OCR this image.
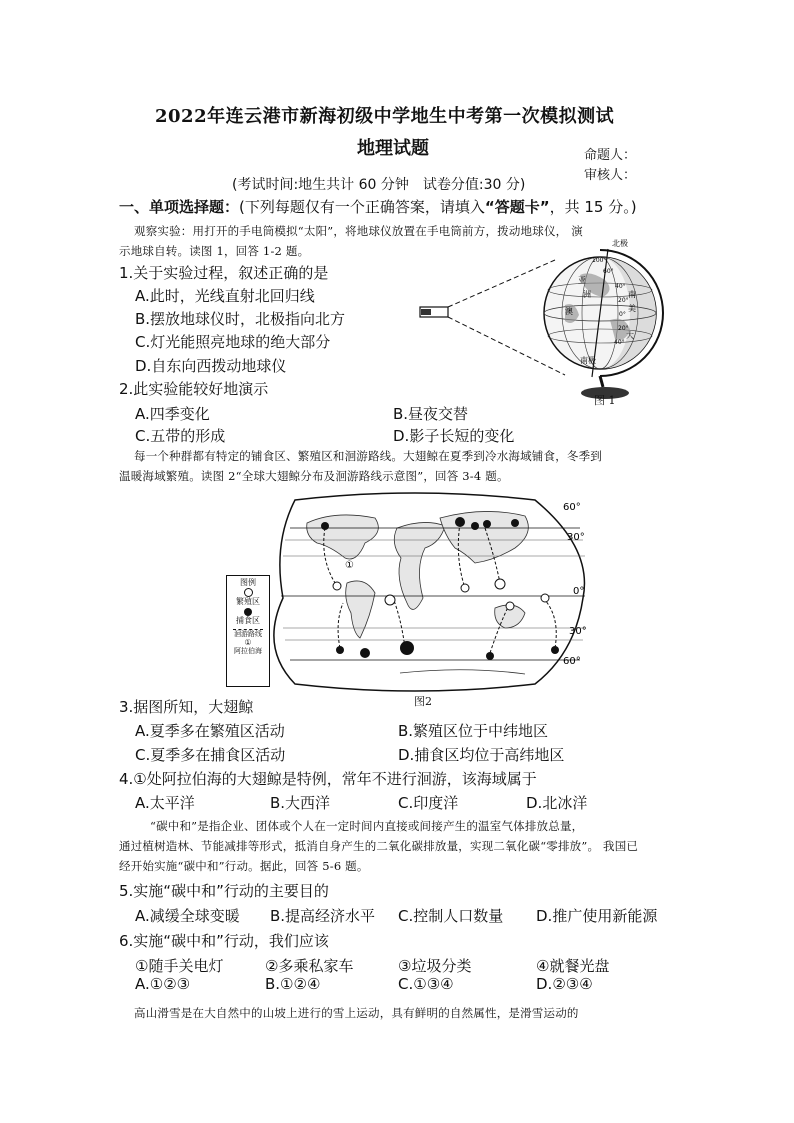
2022年连云港市新海初级中学地生中考第一次模拟测试
地理试题	命题人：
审核人：
(考试时间:地生共计 60 分钟　试卷分值:30 分)
一、单项选择题：(下列每题仅有一个正确答案，请填入“答题卡”，共 15 分。)
观察实验：用打开的手电筒模拟“太阳”，将地球仪放置在手电筒前方，拨动地球仪， 演
示地球自转。读图 1，回答 1-2 题。
1.关于实验过程，叙述正确的是
A.此时，光线直射北回归线
B.摆放地球仪时，北极指向北方
C.灯光能照亮地球的绝大部分
D.自东向西拨动地球仪
2.此实验能较好地演示
A.四季变化	B.昼夜交替
C.五带的形成	D.影子长短的变化
北极
南极
60°
40°
20°
0°
20°
40°
100°
亚
洲	南
美
澳
大
图 1
每一个种群都有特定的铺食区、繁殖区和洄游路线。大翅鲸在夏季到冷水海域铺食，冬季到
温暖海域繁殖。读图 2“全球大翅鲸分布及洄游路线示意图”，回答 3-4 题。
60°
30°
0°
30°
60°
①
图例
繁殖区
捕食区
洄游路线
①
阿拉伯海
图2
3.据图所知，大翅鲸
A.夏季多在繁殖区活动	B.繁殖区位于中纬地区
C.夏季多在捕食区活动	D.捕食区均位于高纬地区
4.①处阿拉伯海的大翅鲸是特例，常年不进行洄游，该海域属于
A.太平洋	B.大西洋	C.印度洋	D.北冰洋
“碳中和”是指企业、团体或个人在一定时间内直接或间接产生的温室气体排放总量，
通过植树造林、节能减排等形式，抵消自身产生的二氧化碳排放量，实现二氧化碳“零排放”。 我国已
经开始实施“碳中和”行动。据此，回答 5-6 题。
5.实施“碳中和”行动的主要目的
A.减缓全球变暖 B.提高经济水平 C.控制人口数量 D.推广使用新能源
6.实施“碳中和”行动，我们应该
①随手关电灯	②多乘私家车	③垃圾分类	④就餐光盘
A.①②③	B.①②④	C.①③④	D.②③④
高山滑雪是在大自然中的山坡上进行的雪上运动，具有鲜明的自然属性，是滑雪运动的
